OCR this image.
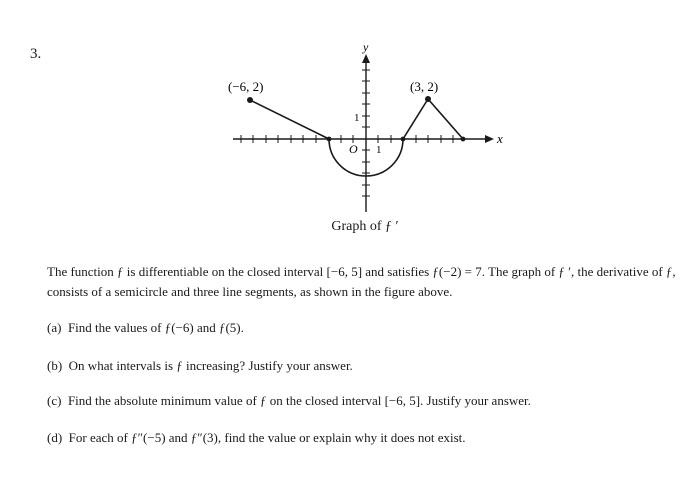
3.	y
x
(−6, 2)	(3, 2)
1
O 1
Graph of ƒ ′
The function ƒ is differentiable on the closed interval [−6, 5] and satisfies ƒ(−2) = 7. The graph of ƒ ′, the derivative of ƒ, consists of a semicircle and three line segments, as shown in the figure above.
(a) Find the values of ƒ(−6) and ƒ(5).
(b) On what intervals is ƒ increasing? Justify your answer.
(c) Find the absolute minimum value of ƒ on the closed interval [−6, 5]. Justify your answer.
(d) For each of ƒ″(−5) and ƒ″(3), find the value or explain why it does not exist.
